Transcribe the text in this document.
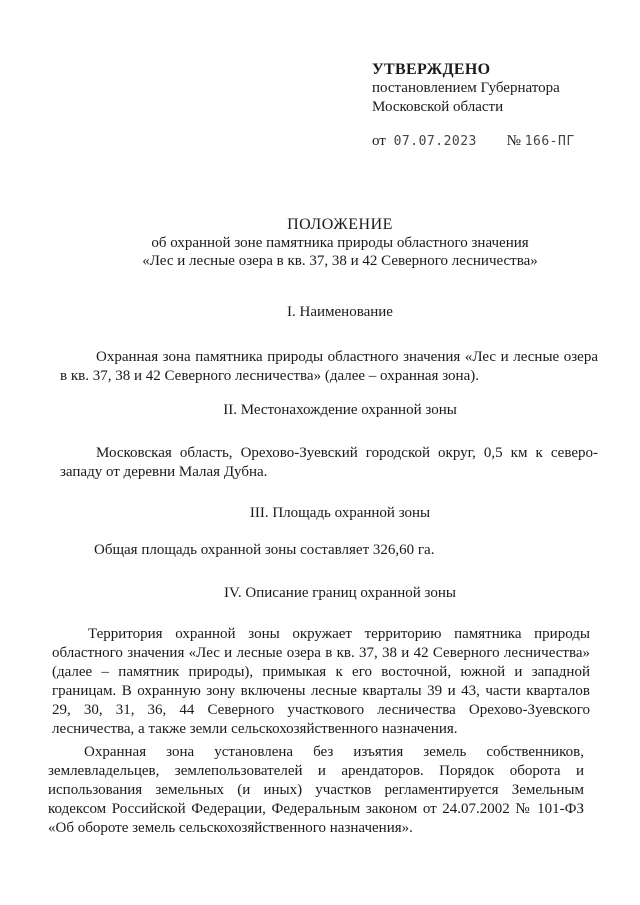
УТВЕРЖДЕНО
постановлением Губернатора
Московской области
от 07.07.2023 № 166-ПГ
ПОЛОЖЕНИЕ
об охранной зоне памятника природы областного значения
«Лес и лесные озера в кв. 37, 38 и 42 Северного лесничества»
I. Наименование
Охранная зона памятника природы областного значения «Лес и лесные озера в кв. 37, 38 и 42 Северного лесничества» (далее – охранная зона).
II. Местонахождение охранной зоны
Московская область, Орехово-Зуевский городской округ, 0,5 км к северо-западу от деревни Малая Дубна.
III. Площадь охранной зоны
Общая площадь охранной зоны составляет 326,60 га.
IV. Описание границ охранной зоны
Территория охранной зоны окружает территорию памятника природы областного значения «Лес и лесные озера в кв. 37, 38 и 42 Северного лесничества» (далее – памятник природы), примыкая к его восточной, южной и западной границам. В охранную зону включены лесные кварталы 39 и 43, части кварталов 29, 30, 31, 36, 44 Северного участкового лесничества Орехово-Зуевского лесничества, а также земли сельскохозяйственного назначения.
Охранная зона установлена без изъятия земель собственников, землевладельцев, землепользователей и арендаторов. Порядок оборота и использования земельных (и иных) участков регламентируется Земельным кодексом Российской Федерации, Федеральным законом от 24.07.2002 № 101-ФЗ «Об обороте земель сельскохозяйственного назначения».
